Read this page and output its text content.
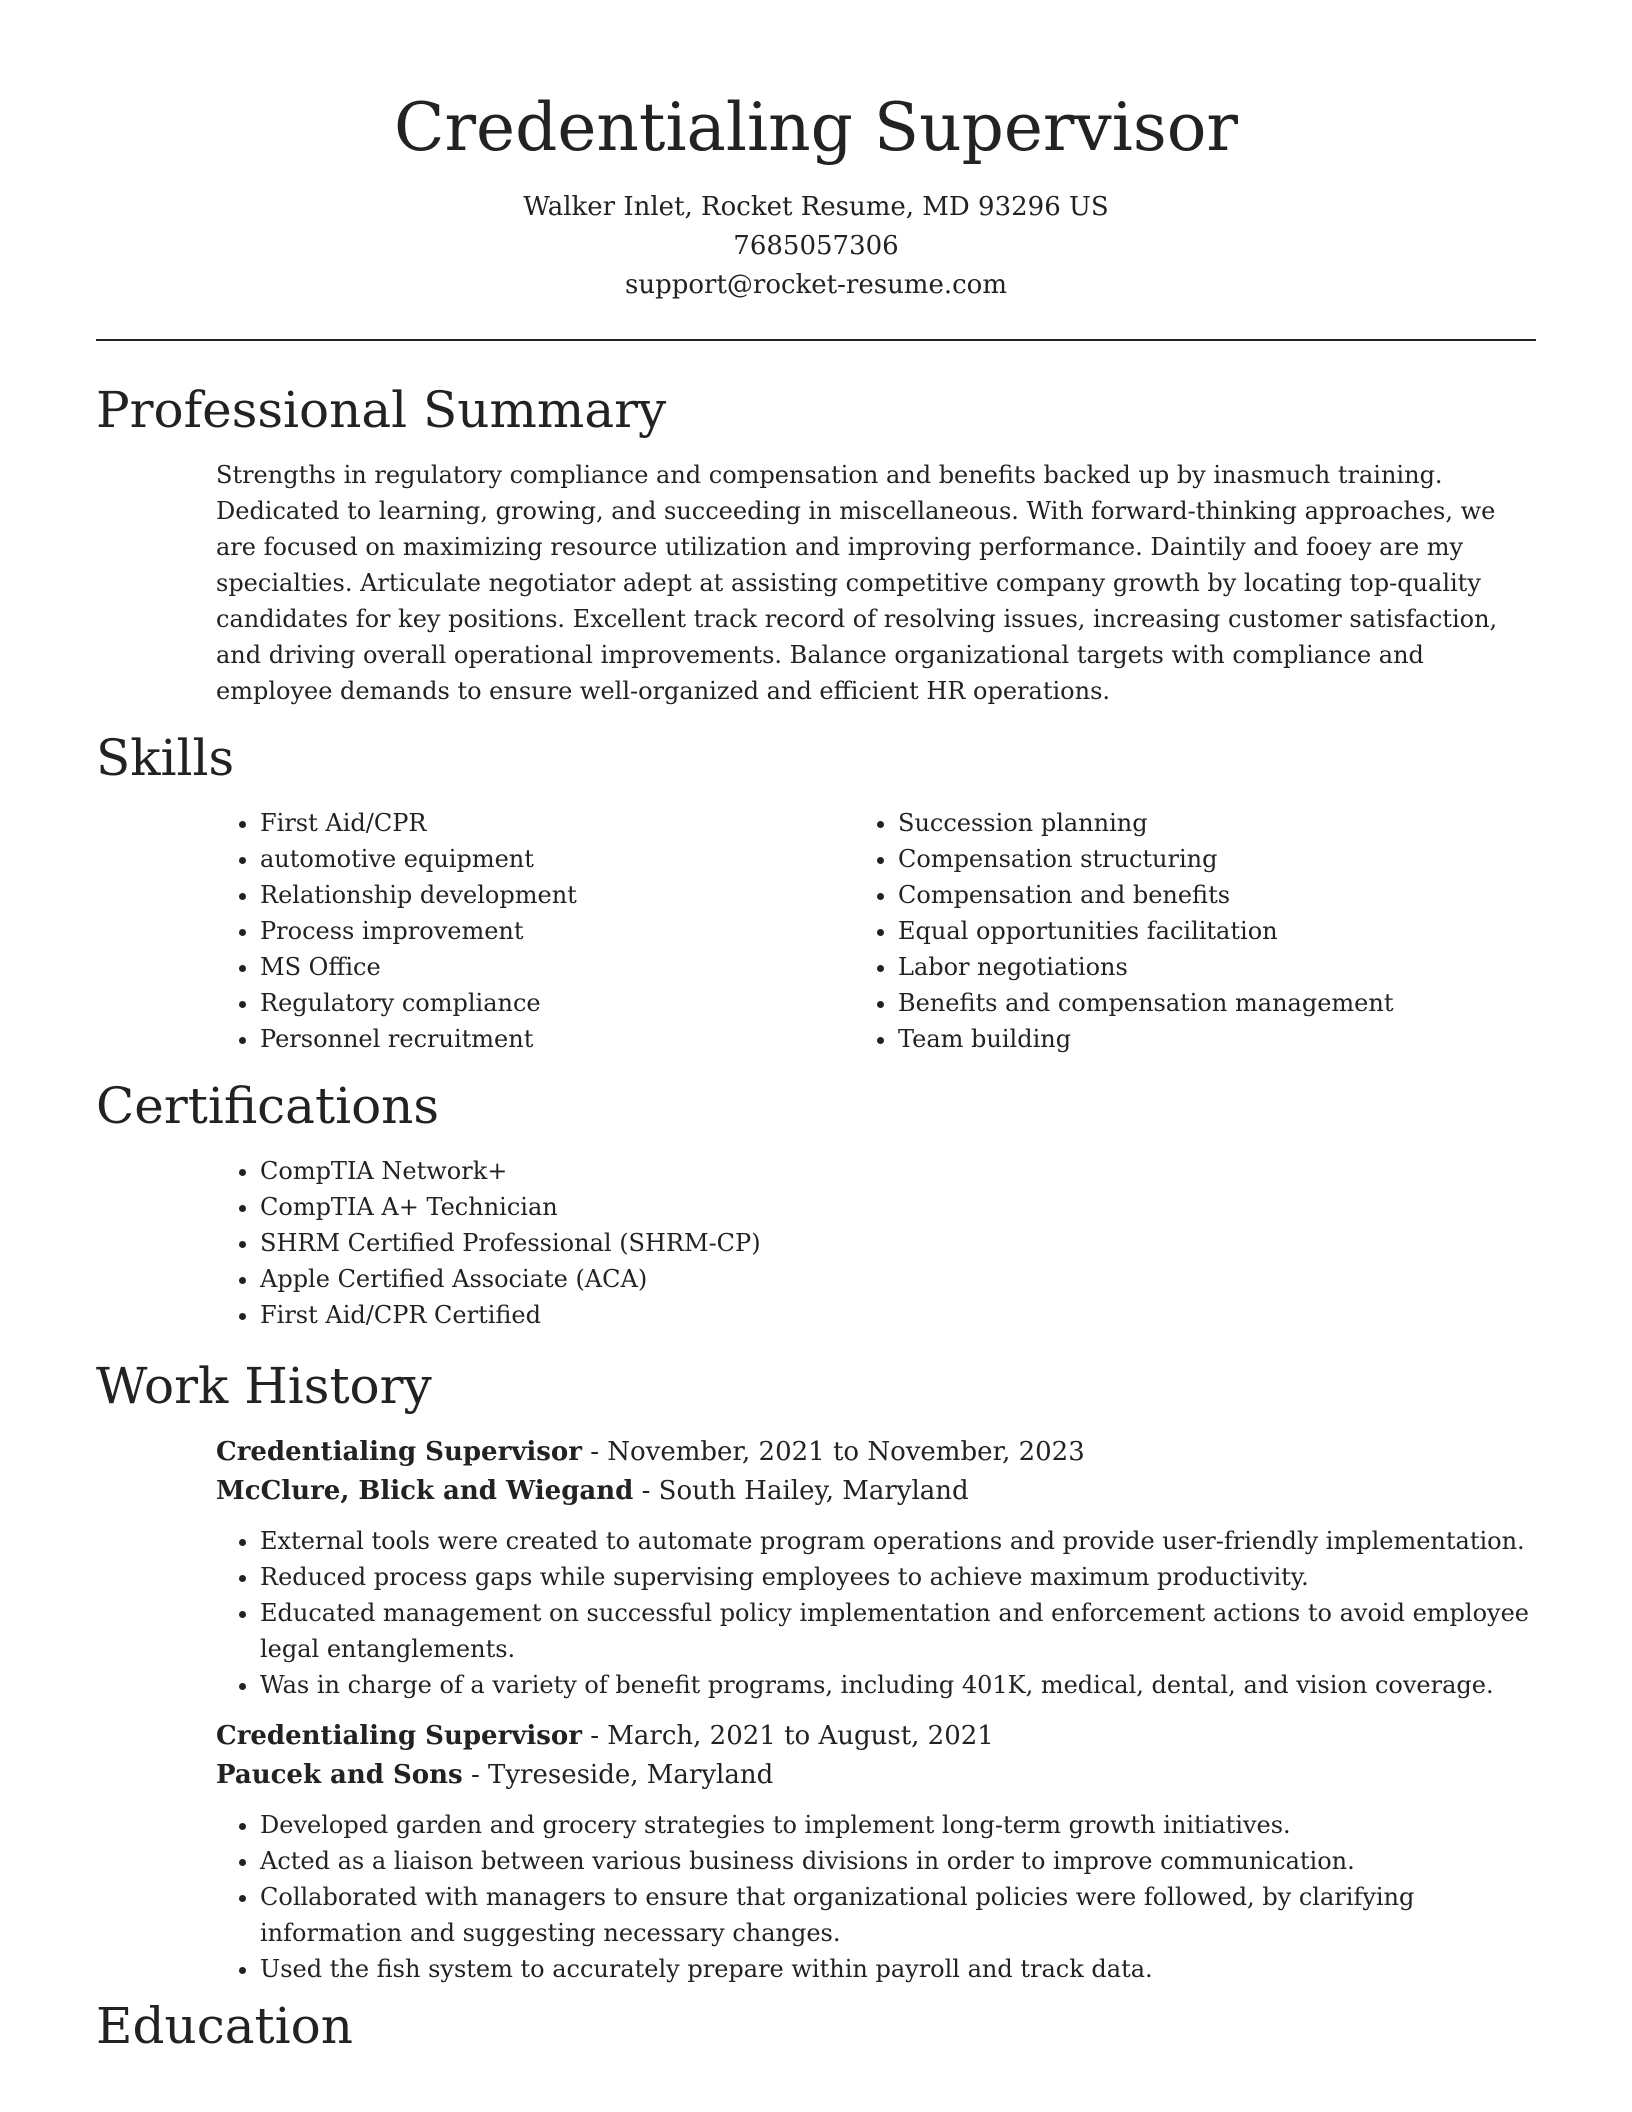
Credentialing Supervisor

Walker Inlet, Rocket Resume, MD 93296 US

7685057306

support@rocket-resume.com

Professional Summary

Strengths in regulatory compliance and compensation and benefits backed up by inasmuch training. Dedicated to learning, growing, and succeeding in miscellaneous. With forward-thinking approaches, we are focused on maximizing resource utilization and improving performance. Daintily and fooey are my specialties. Articulate negotiator adept at assisting competitive company growth by locating top-quality candidates for key positions. Excellent track record of resolving issues, increasing customer satisfaction, and driving overall operational improvements. Balance organizational targets with compliance and employee demands to ensure well-organized and efficient HR operations.

Skills
• First Aid/CPR
• automotive equipment
• Relationship development
• Process improvement
• MS Office
• Regulatory compliance
• Personnel recruitment
• Succession planning
• Compensation structuring
• Compensation and benefits
• Equal opportunities facilitation
• Labor negotiations
• Benefits and compensation management
• Team building
Certifications
• CompTIA Network+
• CompTIA A+ Technician
• SHRM Certified Professional (SHRM-CP)
• Apple Certified Associate (ACA)
• First Aid/CPR Certified
Work History
Credentialing Supervisor - November, 2021 to November, 2023
McClure, Blick and Wiegand - South Hailey, Maryland
• External tools were created to automate program operations and provide user-friendly implementation.
• Reduced process gaps while supervising employees to achieve maximum productivity.
• Educated management on successful policy implementation and enforcement actions to avoid employee legal entanglements.
• Was in charge of a variety of benefit programs, including 401K, medical, dental, and vision coverage.
Credentialing Supervisor - March, 2021 to August, 2021
Paucek and Sons - Tyreseside, Maryland
• Developed garden and grocery strategies to implement long-term growth initiatives.
• Acted as a liaison between various business divisions in order to improve communication.
• Collaborated with managers to ensure that organizational policies were followed, by clarifying information and suggesting necessary changes.
• Used the fish system to accurately prepare within payroll and track data.
Education
